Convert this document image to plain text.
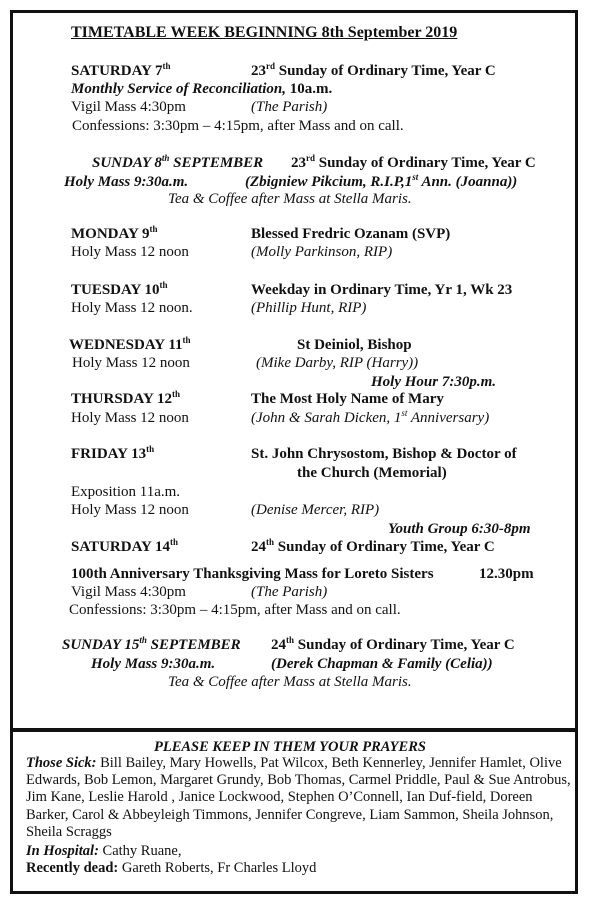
TIMETABLE WEEK BEGINNING 8th September 2019
SATURDAY 7th	23rd Sunday of Ordinary Time, Year C
Monthly Service of Reconciliation, 10a.m.
Vigil Mass 4:30pm	(The Parish)
Confessions: 3:30pm – 4:15pm, after Mass and on call.
SUNDAY 8th SEPTEMBER 23rd Sunday of Ordinary Time, Year C
Holy Mass 9:30a.m.	(Zbigniew Pikcium, R.I.P,1st Ann. (Joanna))
Tea & Coffee after Mass at Stella Maris.
MONDAY 9th	Blessed Fredric Ozanam (SVP)
Holy Mass 12 noon	(Molly Parkinson, RIP)
TUESDAY 10th	Weekday in Ordinary Time, Yr 1, Wk 23
Holy Mass 12 noon.	(Phillip Hunt, RIP)
WEDNESDAY 11th	St Deiniol, Bishop
Holy Mass 12 noon	(Mike Darby, RIP (Harry))
Holy Hour 7:30p.m.
THURSDAY 12th	The Most Holy Name of Mary
Holy Mass 12 noon	(John & Sarah Dicken, 1st Anniversary)
FRIDAY 13th	St. John Chrysostom, Bishop & Doctor of
the Church (Memorial)
Exposition 11a.m.
Holy Mass 12 noon	(Denise Mercer, RIP)
Youth Group 6:30-8pm
SATURDAY 14th	24th Sunday of Ordinary Time, Year C
100th Anniversary Thanksgiving Mass for Loreto Sisters	12.30pm
Vigil Mass 4:30pm	(The Parish)
Confessions: 3:30pm – 4:15pm, after Mass and on call.
SUNDAY 15th SEPTEMBER 24th Sunday of Ordinary Time, Year C
Holy Mass 9:30a.m.	(Derek Chapman & Family (Celia))
Tea & Coffee after Mass at Stella Maris.
PLEASE KEEP IN THEM YOUR PRAYERS
Those Sick: Bill Bailey, Mary Howells, Pat Wilcox, Beth Kennerley, Jennifer Hamlet, Olive Edwards, Bob Lemon, Margaret Grundy, Bob Thomas, Carmel Priddle, Paul & Sue Antrobus, Jim Kane, Leslie Harold , Janice Lockwood, Stephen O’Connell, Ian Duf-field, Doreen Barker, Carol & Abbeyleigh Timmons, Jennifer Congreve, Liam Sammon, Sheila Johnson, Sheila Scraggs
In Hospital: Cathy Ruane,
Recently dead: Gareth Roberts, Fr Charles Lloyd
